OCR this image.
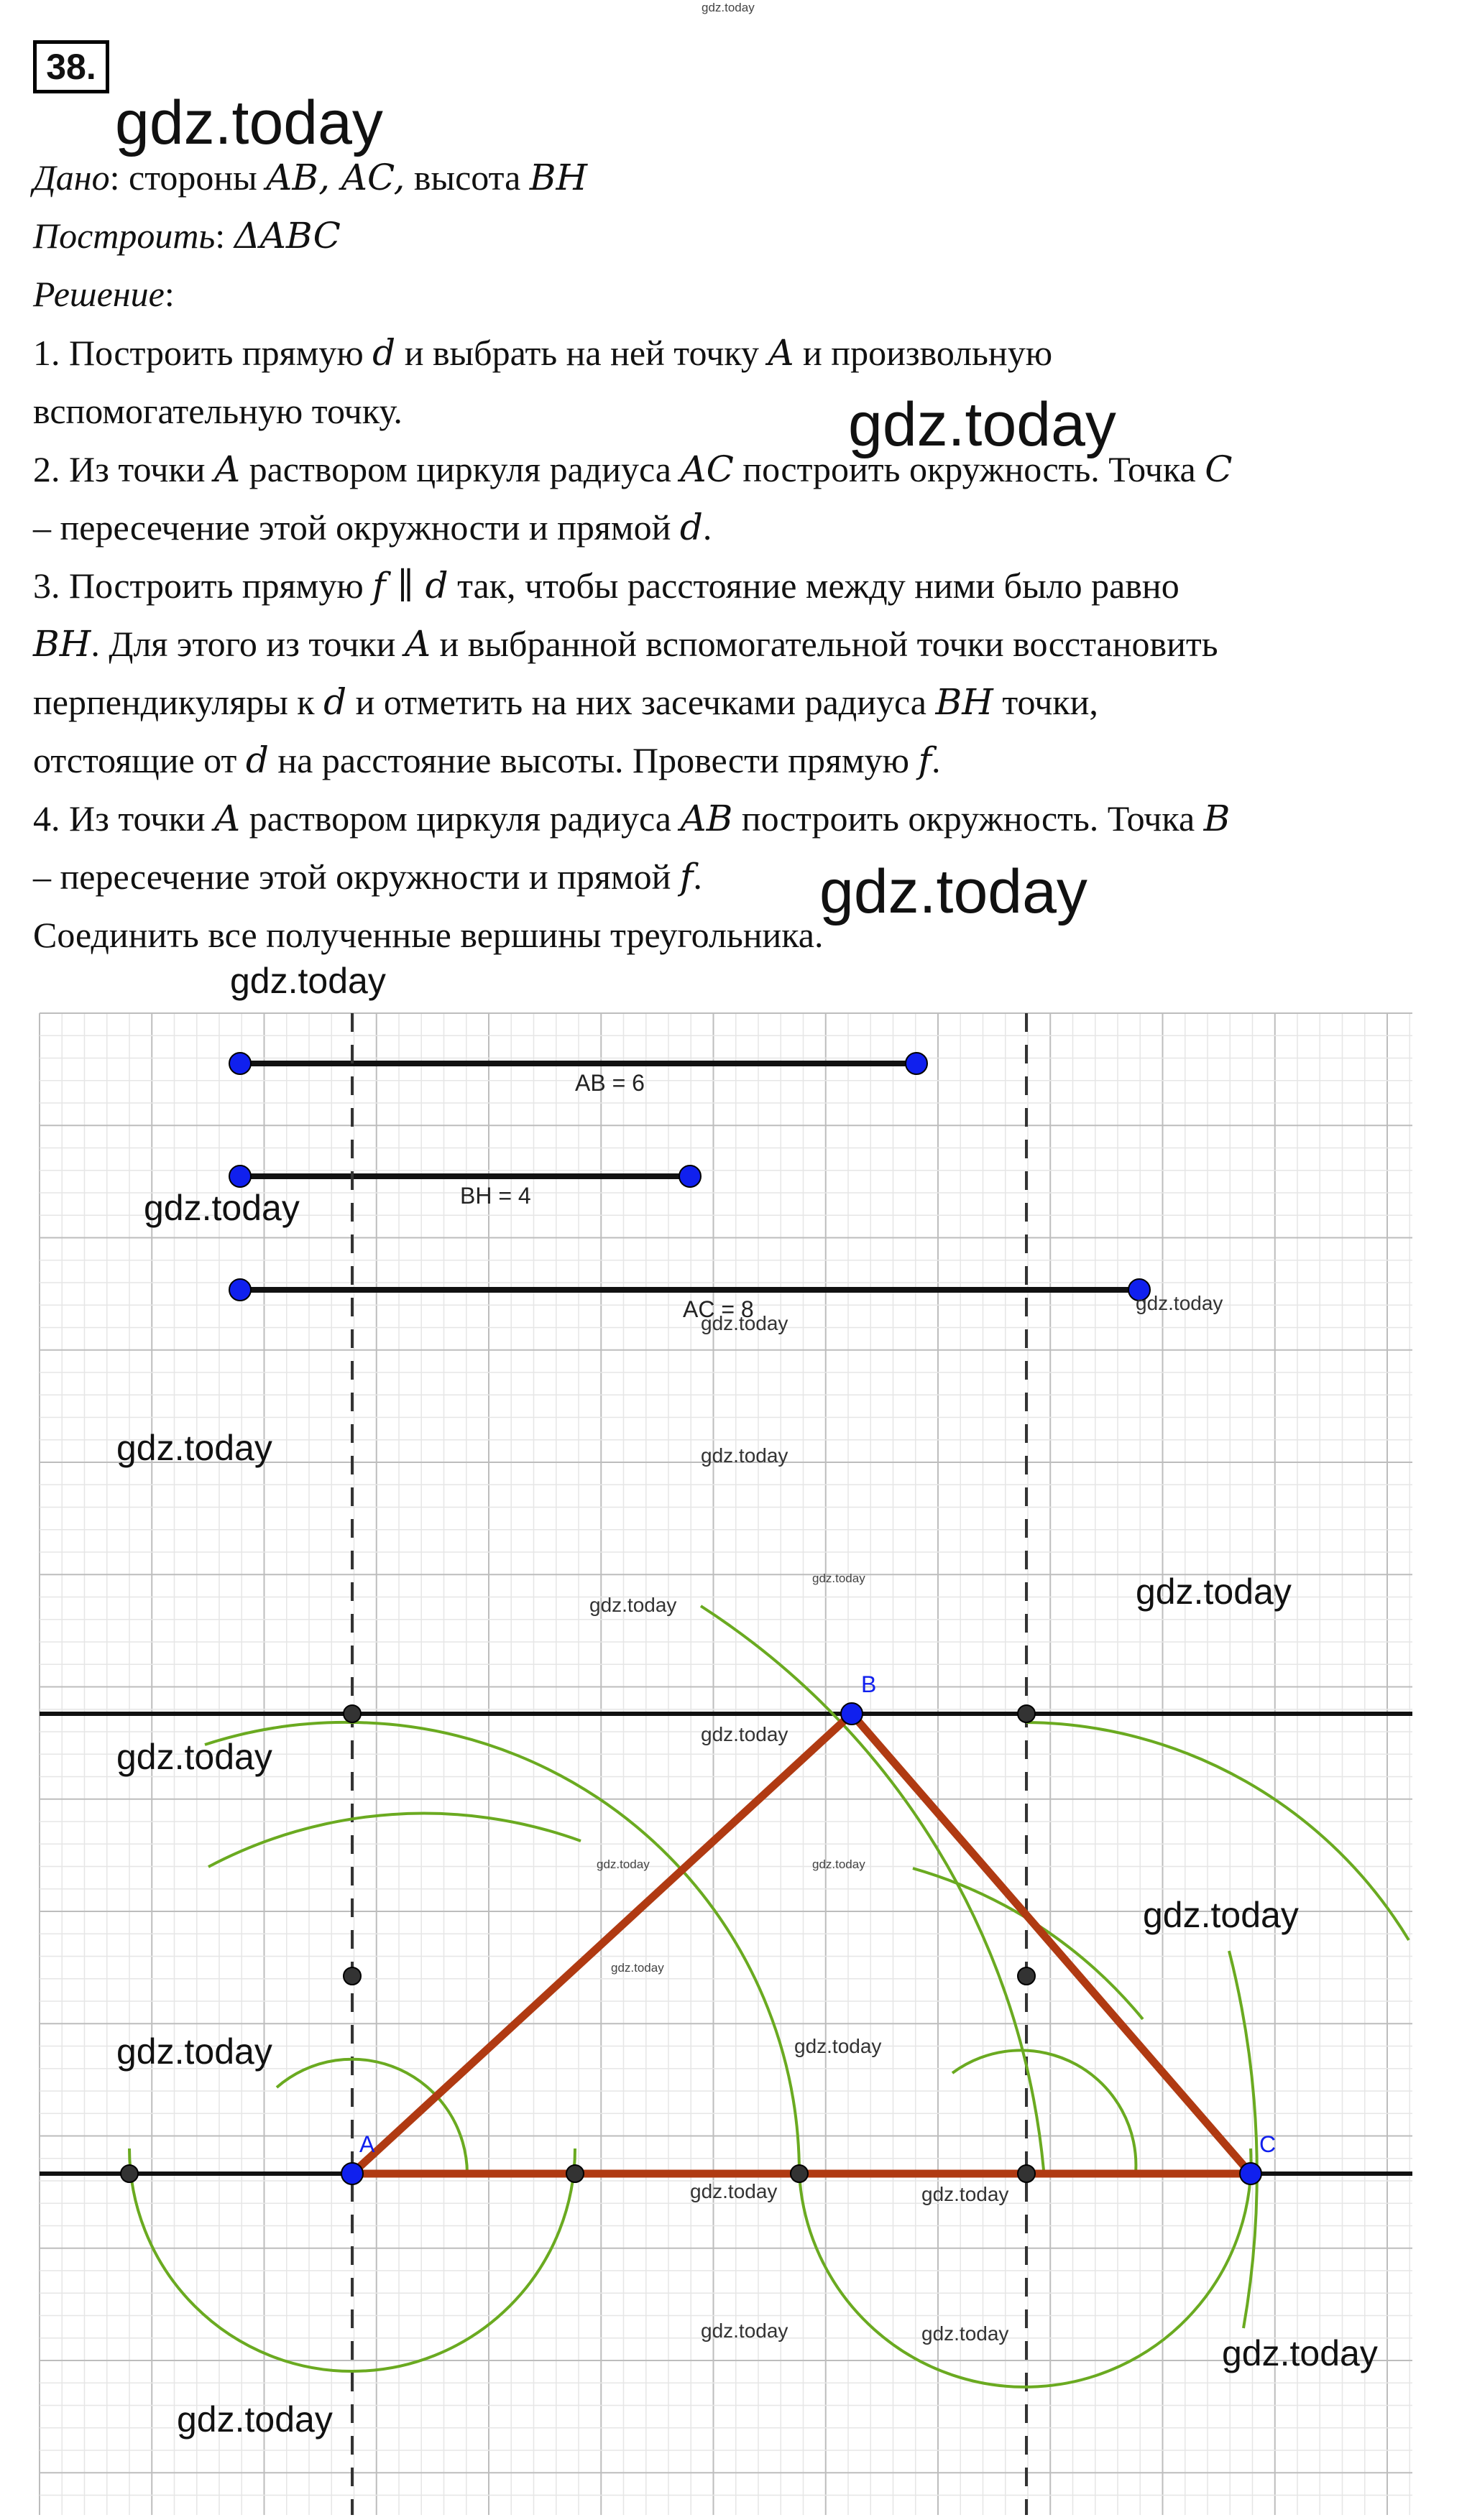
gdz.today
38.
gdz.today
gdz.today
gdz.today
Дано: стороны AB, AC, высота BH
Построить: ΔABC
Решение:
1. Построить прямую d и выбрать на ней точку A и произвольную
вспомогательную точку.
2. Из точки A раствором циркуля радиуса AC построить окружность. Точка C
– пересечение этой окружности и прямой d.
3. Построить прямую f ∥ d так, чтобы расстояние между ними было равно
BH. Для этого из точки A и выбранной вспомогательной точки восстановить
перпендикуляры к d и отметить на них засечками радиуса BH точки,
отстоящие от d на расстояние высоты. Провести прямую f.
4. Из точки A раствором циркуля радиуса AB построить окружность. Точка B
– пересечение этой окружности и прямой f.
Соединить все полученные вершины треугольника.
AB = 6
BH = 4
AC = 8
A
B
C
gdz.today
gdz.today
gdz.today
gdz.today
gdz.today	gdz.today
gdz.today
gdz.today
gdz.today
gdz.today
gdz.today
gdz.today
gdz.today	gdz.today
gdz.today
gdz.today
gdz.today
gdz.today	gdz.today
gdz.today	gdz.today	gdz.today
gdz.today
